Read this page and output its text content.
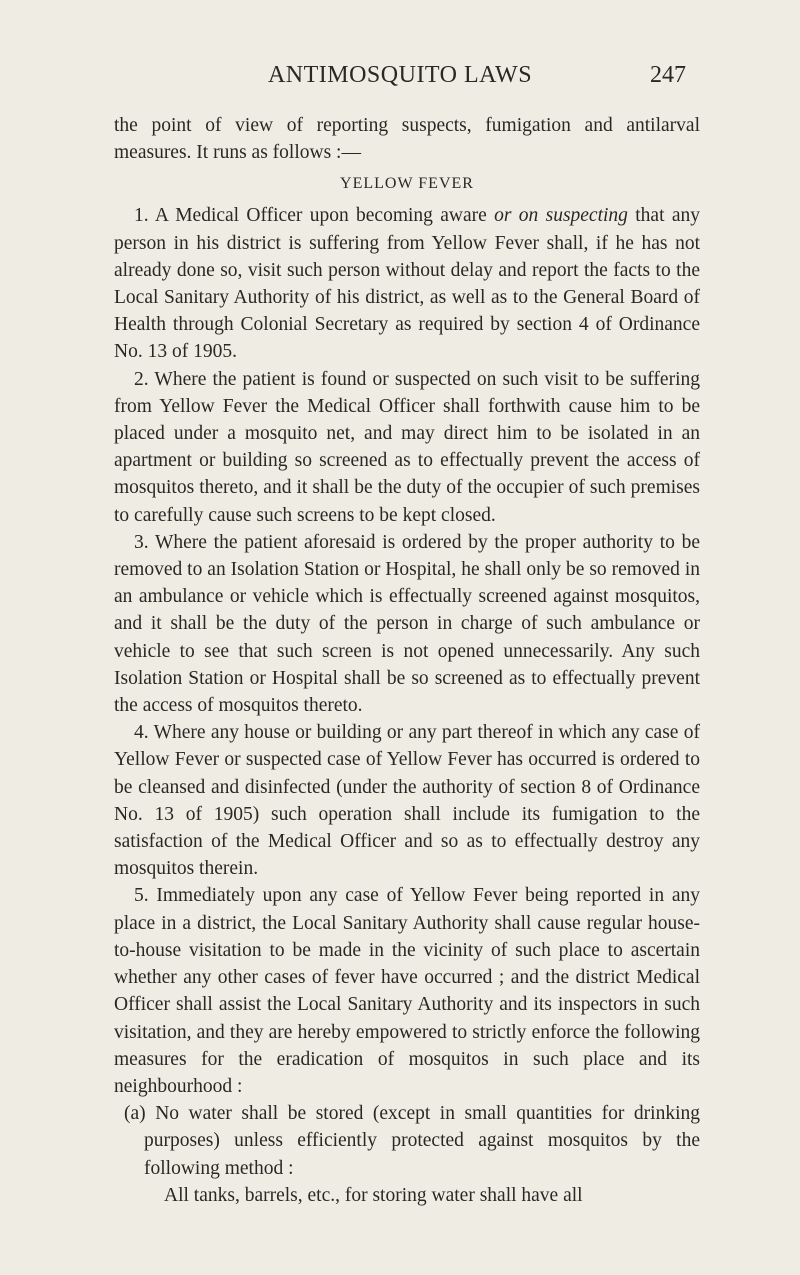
ANTIMOSQUITO LAWS	247

the point of view of reporting suspects, fumigation and antilarval measures. It runs as follows :—

YELLOW FEVER

1. A Medical Officer upon becoming aware or on suspecting that any person in his district is suffering from Yellow Fever shall, if he has not already done so, visit such person without delay and report the facts to the Local Sanitary Authority of his district, as well as to the General Board of Health through Colonial Secretary as required by section 4 of Ordinance No. 13 of 1905.

2. Where the patient is found or suspected on such visit to be suffering from Yellow Fever the Medical Officer shall forthwith cause him to be placed under a mosquito net, and may direct him to be isolated in an apartment or building so screened as to effectually prevent the access of mosquitos thereto, and it shall be the duty of the occupier of such premises to carefully cause such screens to be kept closed.

3. Where the patient aforesaid is ordered by the proper authority to be removed to an Isolation Station or Hospital, he shall only be so removed in an ambulance or vehicle which is effectually screened against mosquitos, and it shall be the duty of the person in charge of such ambulance or vehicle to see that such screen is not opened unnecessarily. Any such Isolation Station or Hospital shall be so screened as to effectually prevent the access of mosquitos thereto.

4. Where any house or building or any part thereof in which any case of Yellow Fever or suspected case of Yellow Fever has occurred is ordered to be cleansed and disinfected (under the authority of section 8 of Ordinance No. 13 of 1905) such operation shall include its fumigation to the satisfaction of the Medical Officer and so as to effectually destroy any mosquitos therein.

5. Immediately upon any case of Yellow Fever being reported in any place in a district, the Local Sanitary Authority shall cause regular house-to-house visitation to be made in the vicinity of such place to ascertain whether any other cases of fever have occurred ; and the district Medical Officer shall assist the Local Sanitary Authority and its inspectors in such visitation, and they are hereby empowered to strictly enforce the following measures for the eradication of mosquitos in such place and its neighbourhood :

(a) No water shall be stored (except in small quantities for drinking purposes) unless efficiently protected against mosquitos by the following method :

All tanks, barrels, etc., for storing water shall have all
